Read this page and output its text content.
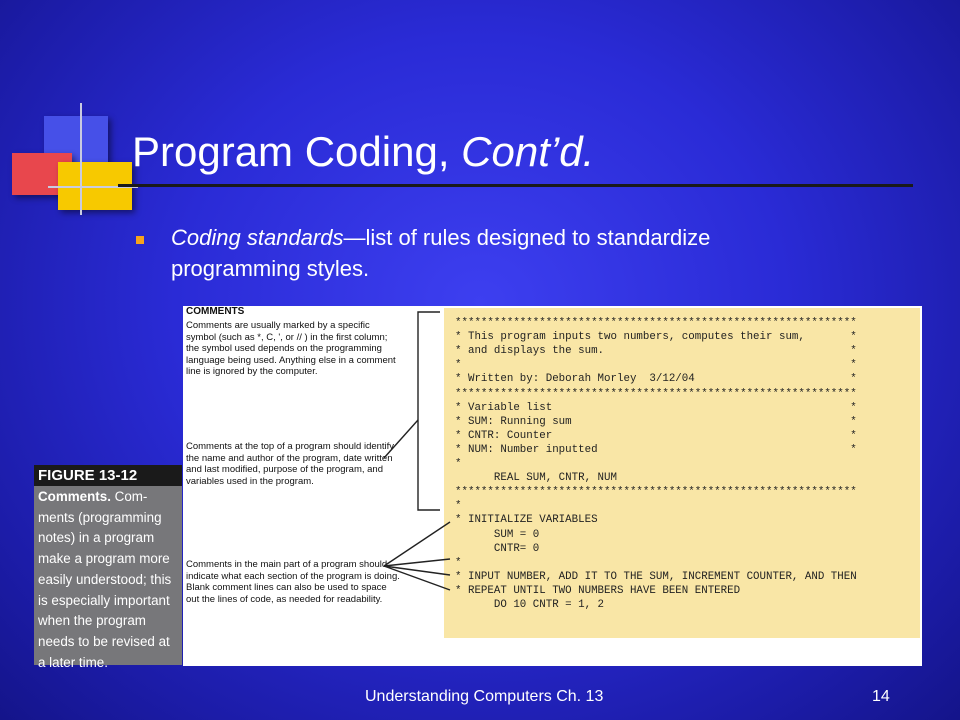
Program Coding, Cont’d.
Coding standards—list of rules designed to standardize programming styles.
COMMENTS
Comments are usually marked by a specific symbol (such as *, C, ', or // ) in the first column; the symbol used depends on the programming language being used. Anything else in a comment line is ignored by the computer.
Comments at the top of a program should identify the name and author of the program, date written and last modified, purpose of the program, and variables used in the program.
Comments in the main part of a program should indicate what each section of the program is doing. Blank comment lines can also be used to space out the lines of code, as needed for readability.
**************************************************************
* This program inputs two numbers, computes their sum,       *
* and displays the sum.                                      *
*                                                            *
* Written by: Deborah Morley  3/12/04                        *
**************************************************************
* Variable list                                              *
* SUM: Running sum                                           *
* CNTR: Counter                                              *
* NUM: Number inputted                                       *
*
REAL SUM, CNTR, NUM
**************************************************************
*
* INITIALIZE VARIABLES
SUM = 0
CNTR= 0
*
* INPUT NUMBER, ADD IT TO THE SUM, INCREMENT COUNTER, AND THEN
* REPEAT UNTIL TWO NUMBERS HAVE BEEN ENTERED
DO 10 CNTR = 1, 2
FIGURE 13-12
Comments. Com-ments (programming notes) in a program make a program more easily understood; this is especially important when the program needs to be revised at a later time.
Understanding Computers Ch. 13	14
